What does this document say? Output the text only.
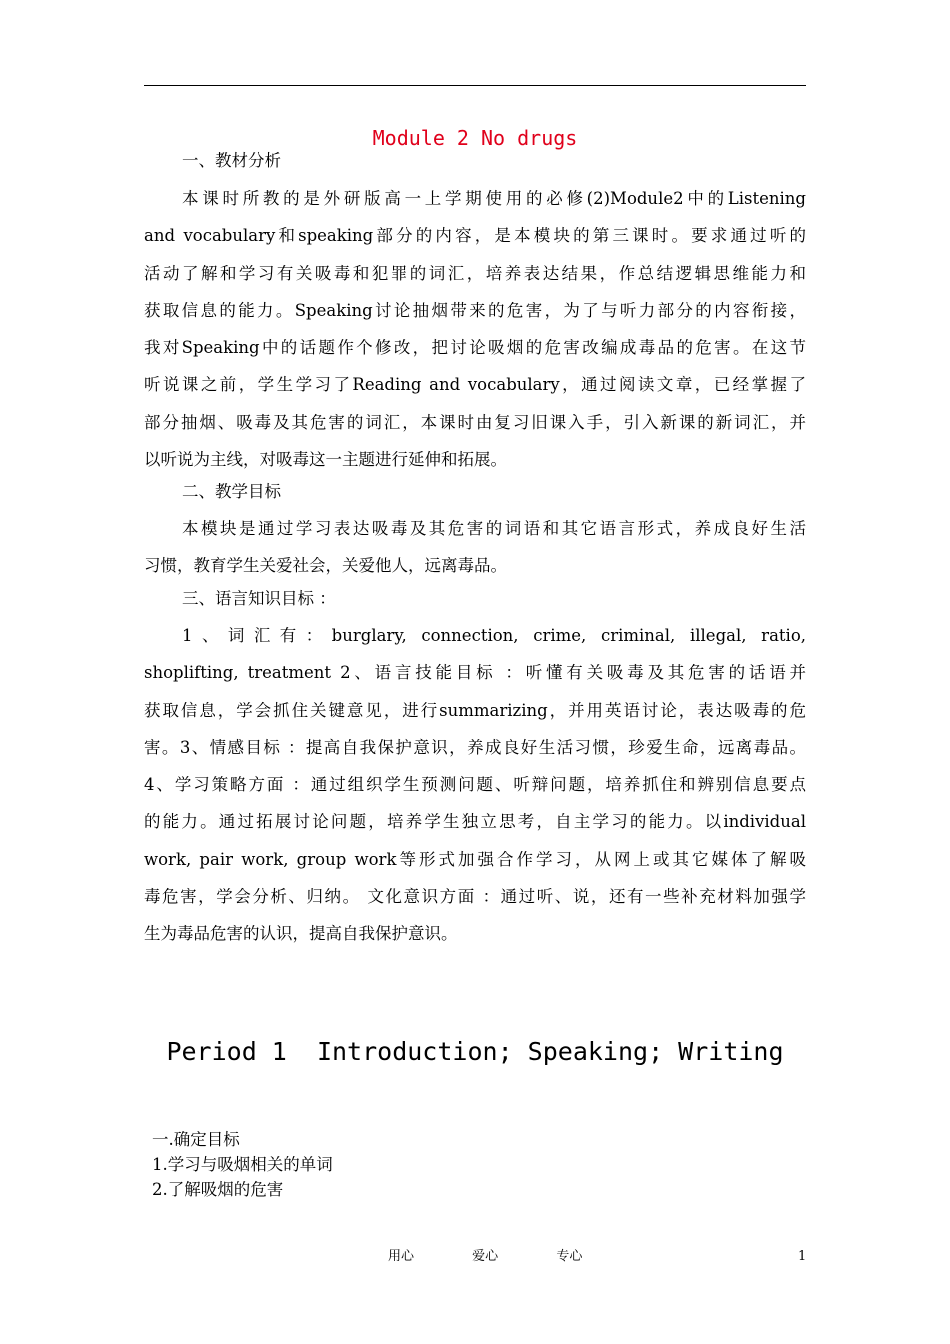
Module 2 No drugs
一、教材分析
本课时所教的是外研版高一上学期使用的必修(2)Module2中的Listening
and vocabulary和speaking部分的内容，是本模块的第三课时。要求通过听的
活动了解和学习有关吸毒和犯罪的词汇，培养表达结果，作总结逻辑思维能力和
获取信息的能力。Speaking讨论抽烟带来的危害，为了与听力部分的内容衔接，
我对Speaking中的话题作个修改，把讨论吸烟的危害改编成毒品的危害。在这节
听说课之前，学生学习了Reading and vocabulary，通过阅读文章，已经掌握了
部分抽烟、吸毒及其危害的词汇，本课时由复习旧课入手，引入新课的新词汇，并
以听说为主线，对吸毒这一主题进行延伸和拓展。
二、教学目标
本模块是通过学习表达吸毒及其危害的词语和其它语言形式，养成良好生活
习惯，教育学生关爱社会，关爱他人，远离毒品。
三、语言知识目标 ：
1、词汇有：burglary, connection, crime, criminal, illegal, ratio,
shoplifting, treatment 2、语言技能目标 ：听懂有关吸毒及其危害的话语并
获取信息，学会抓住关键意见，进行summarizing，并用英语讨论，表达吸毒的危
害。3、情感目标 ：提高自我保护意识，养成良好生活习惯，珍爱生命，远离毒品。
4、学习策略方面 ：通过组织学生预测问题、听辩问题，培养抓住和辨别信息要点
的能力。通过拓展讨论问题，培养学生独立思考，自主学习的能力。以individual
work, pair work, group work等形式加强合作学习，从网上或其它媒体了解吸
毒危害，学会分析、归纳。 文化意识方面 ：通过听、说，还有一些补充材料加强学
生为毒品危害的认识，提高自我保护意识。
Period 1  Introduction; Speaking; Writing
一.确定目标
1.学习与吸烟相关的单词
2.了解吸烟的危害
用心	爱心	专心	1
